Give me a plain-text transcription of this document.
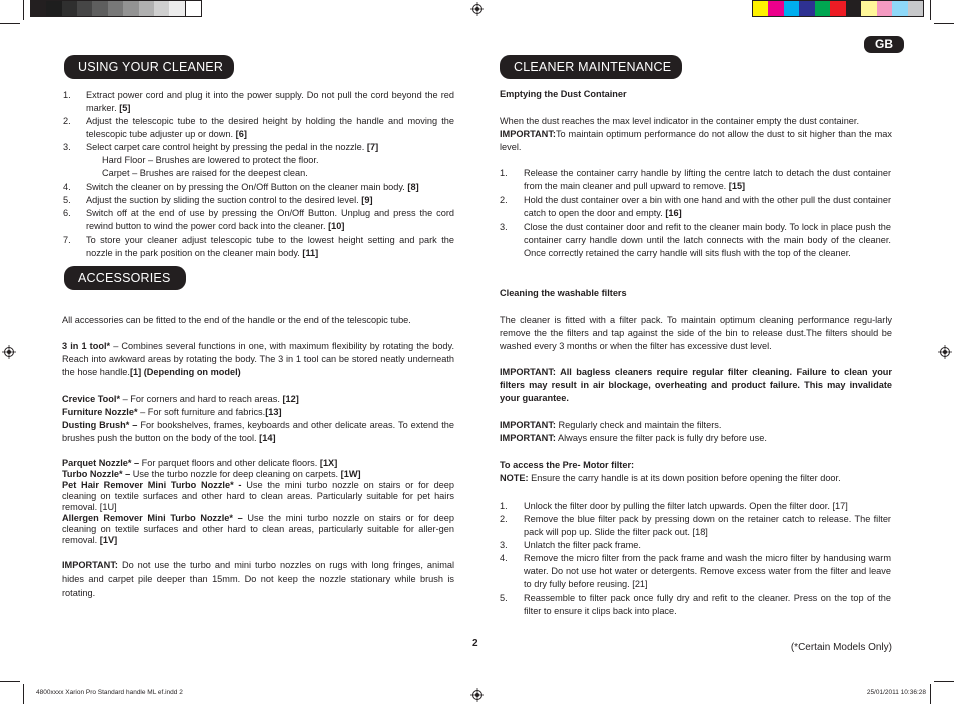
GB
USING YOUR CLEANER
1. Extract power cord and plug it into the power supply. Do not pull the cord beyond the red marker. [5]
2. Adjust the telescopic tube to the desired height by holding the handle and moving the telescopic tube adjuster up or down. [6]
3. Select carpet care control height by pressing the pedal in the nozzle. [7]
Hard Floor – Brushes are lowered to protect the floor.
Carpet – Brushes are raised for the deepest clean.
4. Switch the cleaner on by pressing the On/Off Button on the cleaner main body. [8]
5. Adjust the suction by sliding the suction control to the desired level. [9]
6. Switch off at the end of use by pressing the On/Off Button. Unplug and press the cord rewind button to wind the power cord back into the cleaner. [10]
7. To store your cleaner adjust telescopic tube to the lowest height setting and park the nozzle in the park position on the cleaner main body. [11]
ACCESSORIES
All accessories can be fitted to the end of the handle or the end of the telescopic tube.
3 in 1 tool* – Combines several functions in one, with maximum flexibility by rotating the body. Reach into awkward areas by rotating the body. The 3 in 1 tool can be stored neatly underneath the hose handle.[1] (Depending on model)
Crevice Tool* – For corners and hard to reach areas. [12]
Furniture Nozzle* – For soft furniture and fabrics.[13]
Dusting Brush* – For bookshelves, frames, keyboards and other delicate areas. To extend the brushes push the button on the body of the tool. [14]
Parquet Nozzle* – For parquet floors and other delicate floors. [1X]
Turbo Nozzle* – Use the turbo nozzle for deep cleaning on carpets. [1W]
Pet Hair Remover Mini Turbo Nozzle* - Use the mini turbo nozzle on stairs or for deep cleaning on textile surfaces and other hard to clean areas. Particularly suitable for pet hairs removal. [1U]
Allergen Remover Mini Turbo Nozzle* – Use the mini turbo nozzle on stairs or for deep cleaning on textile surfaces and other hard to clean areas, particularly suitable for aller-gen removal. [1V]
IMPORTANT: Do not use the turbo and mini turbo nozzles on rugs with long fringes, animal hides and carpet pile deeper than 15mm. Do not keep the nozzle stationary while brush is rotating.
CLEANER MAINTENANCE
Emptying the Dust Container
When the dust reaches the max level indicator in the container empty the dust container.
IMPORTANT:To maintain optimum performance do not allow the dust to sit higher than the max level.
1. Release the container carry handle by lifting the centre latch to detach the dust container from the main cleaner and pull upward to remove. [15]
2. Hold the dust container over a bin with one hand and with the other pull the dust container catch to open the door and empty. [16]
3. Close the dust container door and refit to the cleaner main body. To lock in place push the container carry handle down until the latch connects with the main body of the cleaner. Once correctly retained the carry handle will sits flush with the top of the cleaner.
Cleaning the washable filters
The cleaner is fitted with a filter pack. To maintain optimum cleaning performance regu-larly remove the the filters and tap against the side of the bin to release dust.The filters should be washed every 3 months or when the filter has excessive dust level.
IMPORTANT: All bagless cleaners require regular filter cleaning. Failure to clean your filters may result in air blockage, overheating and product failure. This may invalidate your guarantee.
IMPORTANT: Regularly check and maintain the filters.
IMPORTANT: Always ensure the filter pack is fully dry before use.
To access the Pre- Motor filter:
NOTE: Ensure the carry handle is at its down position before opening the filter door.
1. Unlock the filter door by pulling the filter latch upwards. Open the filter door. [17]
2. Remove the blue filter pack by pressing down on the retainer catch to release. The filter pack will pop up. Slide the filter pack out. [18]
3. Unlatch the filter pack frame.
4. Remove the micro filter from the pack frame and wash the micro filter by handusing warm water. Do not use hot water or detergents. Remove excess water from the filter and leave to dry fully before reusing. [21]
5. Reassemble to filter pack once fully dry and refit to the cleaner. Press on the top of the filter to ensure it clips back into place.
2	(*Certain Models Only)
4800xxxx Xarion Pro Standard handle ML ef.indd 2	25/01/2011 10:36:28
